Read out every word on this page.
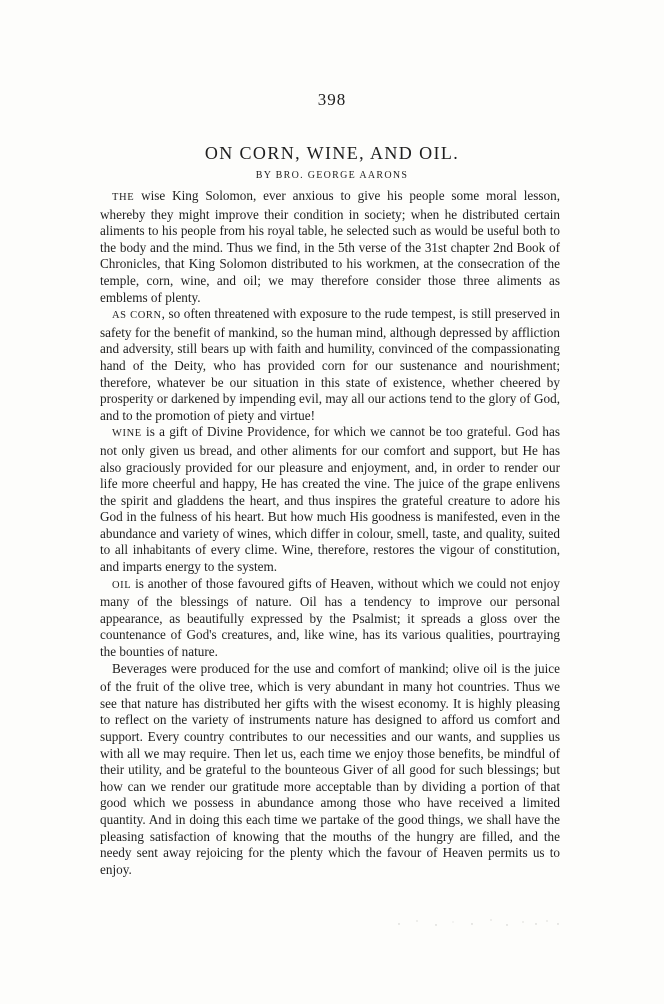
398
ON CORN, WINE, AND OIL.
BY BRO. GEORGE AARONS

THE wise King Solomon, ever anxious to give his people some moral lesson, whereby they might improve their condition in society; when he distributed certain aliments to his people from his royal table, he selected such as would be useful both to the body and the mind. Thus we find, in the 5th verse of the 31st chapter 2nd Book of Chronicles, that King Solomon distributed to his workmen, at the consecration of the temple, corn, wine, and oil; we may therefore consider those three aliments as emblems of plenty.

AS CORN, so often threatened with exposure to the rude tempest, is still preserved in safety for the benefit of mankind, so the human mind, although depressed by affliction and adversity, still bears up with faith and humility, convinced of the compassionating hand of the Deity, who has provided corn for our sustenance and nourishment; therefore, whatever be our situation in this state of existence, whether cheered by prosperity or darkened by impending evil, may all our actions tend to the glory of God, and to the promotion of piety and virtue!

WINE is a gift of Divine Providence, for which we cannot be too grateful. God has not only given us bread, and other aliments for our comfort and support, but He has also graciously provided for our pleasure and enjoyment, and, in order to render our life more cheerful and happy, He has created the vine. The juice of the grape enlivens the spirit and gladdens the heart, and thus inspires the grateful creature to adore his God in the fulness of his heart. But how much His goodness is manifested, even in the abundance and variety of wines, which differ in colour, smell, taste, and quality, suited to all inhabitants of every clime. Wine, therefore, restores the vigour of constitution, and imparts energy to the system.

OIL is another of those favoured gifts of Heaven, without which we could not enjoy many of the blessings of nature. Oil has a tendency to improve our personal appearance, as beautifully expressed by the Psalmist; it spreads a gloss over the countenance of God's creatures, and, like wine, has its various qualities, pourtraying the bounties of nature.

Beverages were produced for the use and comfort of mankind; olive oil is the juice of the fruit of the olive tree, which is very abundant in many hot countries. Thus we see that nature has distributed her gifts with the wisest economy. It is highly pleasing to reflect on the variety of instruments nature has designed to afford us comfort and support. Every country contributes to our necessities and our wants, and supplies us with all we may require. Then let us, each time we enjoy those benefits, be mindful of their utility, and be grateful to the bounteous Giver of all good for such blessings; but how can we render our gratitude more acceptable than by dividing a portion of that good which we possess in abundance among those who have received a limited quantity. And in doing this each time we partake of the good things, we shall have the pleasing satisfaction of knowing that the mouths of the hungry are filled, and the needy sent away rejoicing for the plenty which the favour of Heaven permits us to enjoy.
